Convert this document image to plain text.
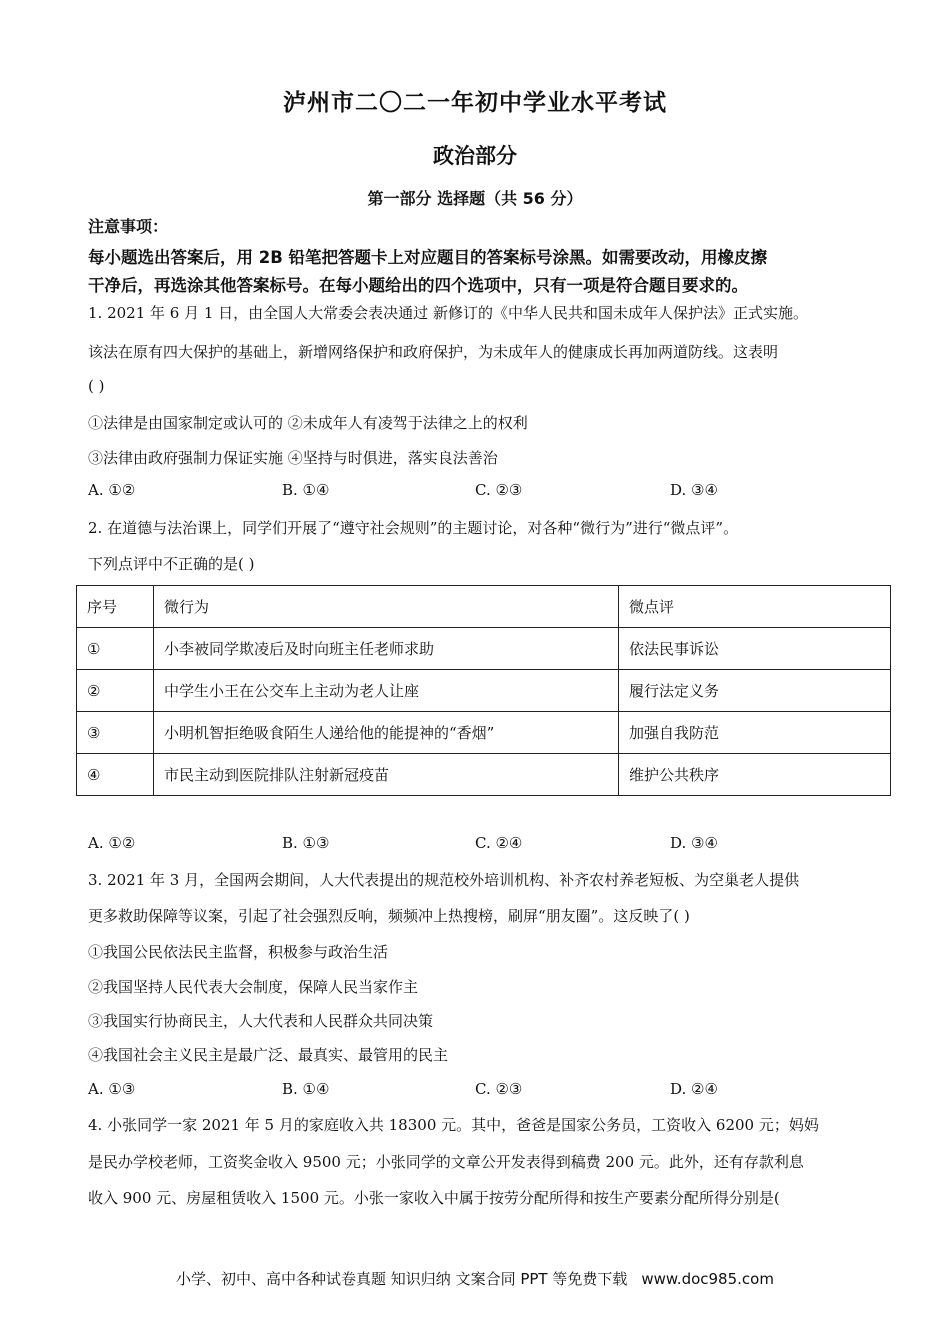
泸州市二〇二一年初中学业水平考试
政治部分
第一部分 选择题（共 56 分）
注意事项：
每小题选出答案后，用 2B 铅笔把答题卡上对应题目的答案标号涂黑。如需要改动，用橡皮擦
干净后，再选涂其他答案标号。在每小题给出的四个选项中，只有一项是符合题目要求的。
1. 2021 年 6 月 1 日，由全国人大常委会表决通过 新修订的《中华人民共和国未成年人保护法》正式实施。
该法在原有四大保护的基础上，新增网络保护和政府保护，为未成年人的健康成长再加两道防线。这表明
( )
①法律是由国家制定或认可的 ②未成年人有凌驾于法律之上的权利
③法律由政府强制力保证实施 ④坚持与时俱进，落实良法善治
A. ①②	B. ①④	C. ②③	D. ③④
2. 在道德与法治课上，同学们开展了“遵守社会规则”的主题讨论，对各种“微行为”进行“微点评”。
下列点评中不正确的是( )
序号	微行为	微点评
①	小李被同学欺凌后及时向班主任老师求助	依法民事诉讼
②	中学生小王在公交车上主动为老人让座	履行法定义务
③	小明机智拒绝吸食陌生人递给他的能提神的“香烟”	加强自我防范
④	市民主动到医院排队注射新冠疫苗	维护公共秩序
A. ①②	B. ①③	C. ②④	D. ③④
3. 2021 年 3 月，全国两会期间，人大代表提出的规范校外培训机构、补齐农村养老短板、为空巢老人提供
更多救助保障等议案，引起了社会强烈反响，频频冲上热搜榜，刷屏“朋友圈”。这反映了( )
①我国公民依法民主监督，积极参与政治生活
②我国坚持人民代表大会制度，保障人民当家作主
③我国实行协商民主，人大代表和人民群众共同决策
④我国社会主义民主是最广泛、最真实、最管用的民主
A. ①③	B. ①④	C. ②③	D. ②④
4. 小张同学一家 2021 年 5 月的家庭收入共 18300 元。其中，爸爸是国家公务员，工资收入 6200 元；妈妈
是民办学校老师，工资奖金收入 9500 元；小张同学的文章公开发表得到稿费 200 元。此外，还有存款利息
收入 900 元、房屋租赁收入 1500 元。小张一家收入中属于按劳分配所得和按生产要素分配所得分别是(
小学、初中、高中各种试卷真题 知识归纳 文案合同 PPT 等免费下载 www.doc985.com
